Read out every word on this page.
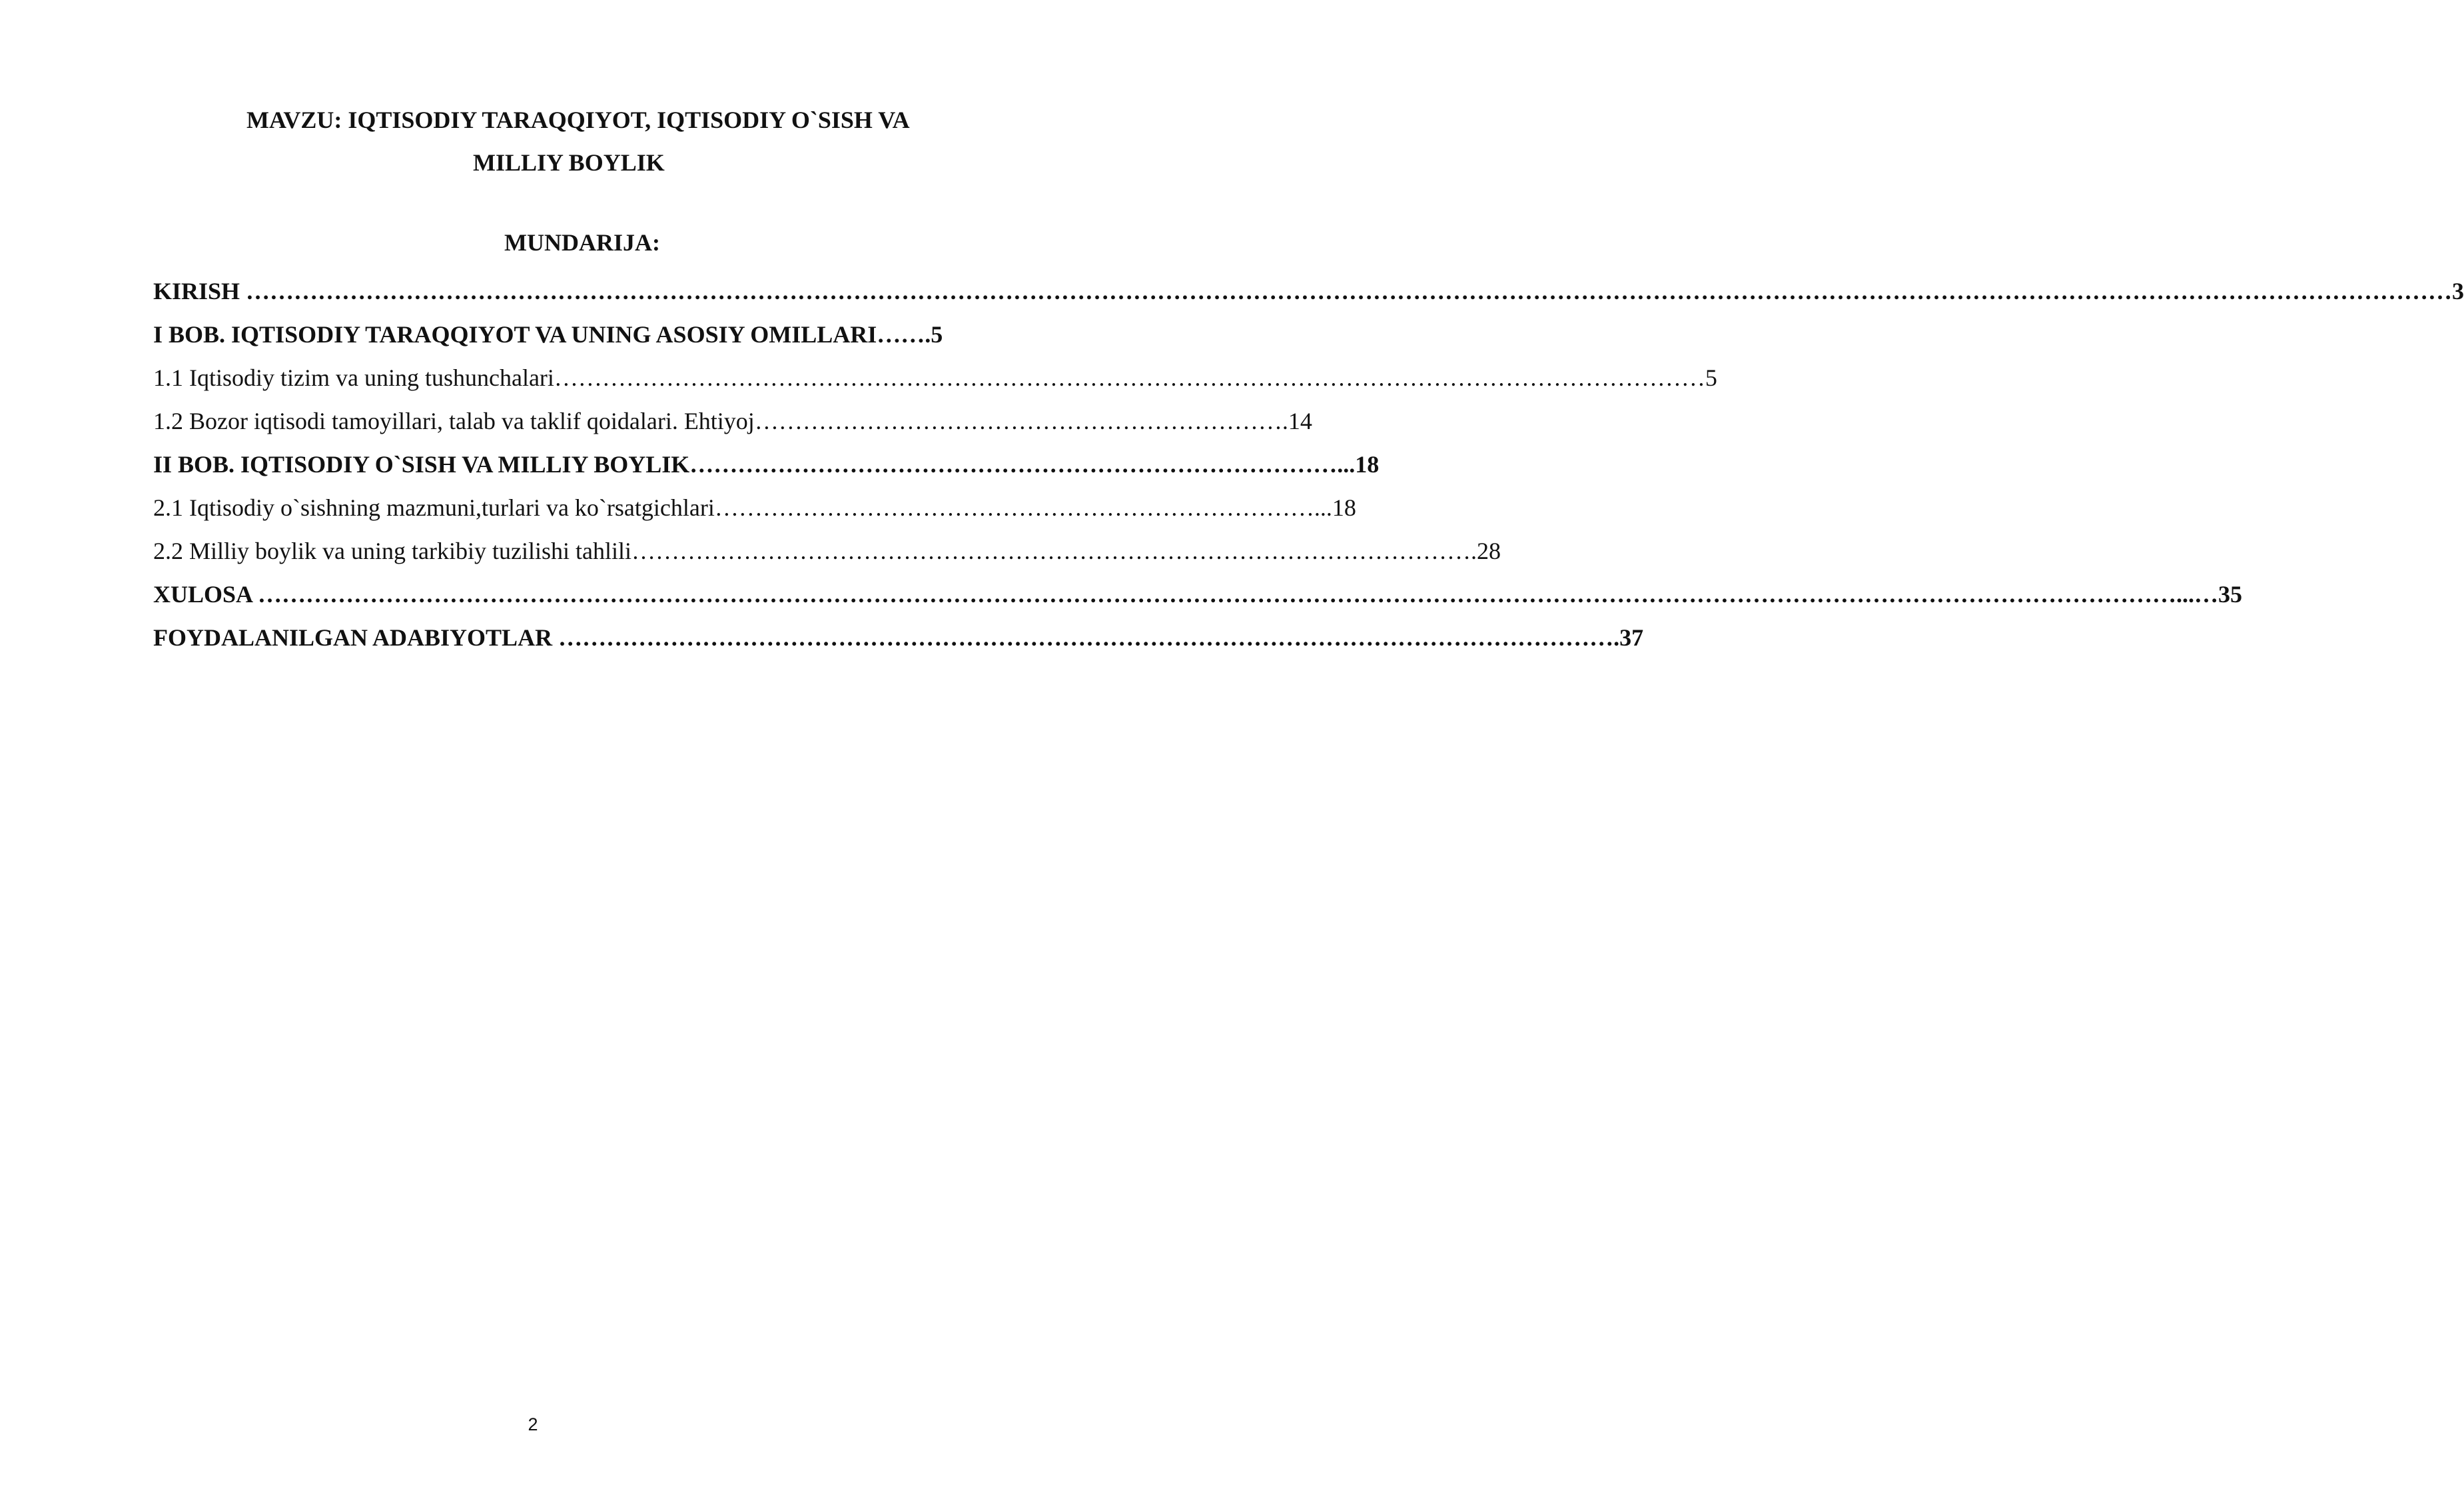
MAVZU: IQTISODIY TARAQQIYOT, IQTISODIY O`SISH VA
MILLIY BOYLIK
MUNDARIJA:
KIRISH ……………………………………………………………………………………………………………………………………………………………………………………………………………………………………………………3
I BOB. IQTISODIY TARAQQIYOT VA UNING ASOSIY OMILLARI…….5
1.1 Iqtisodiy tizim va uning tushunchalari………………………………………………………………………………………………………………………………5
1.2 Bozor iqtisodi tamoyillari, talab va taklif qoidalari. Ehtiyoj………………………………………………………….14
II BOB. IQTISODIY O`SISH VA MILLIY BOYLIK………………………………………………………………………...18
2.1 Iqtisodiy o`sishning mazmuni,turlari va ko`rsatgichlari…………………………………………………………………...18
2.2 Milliy boylik va uning tarkibiy tuzilishi tahlili…………………………………………………………………………………………….28
XULOSA ……………………………………………………………………………………………………………………………………………………………………………………………………………………...…35
FOYDALANILGAN ADABIYOTLAR …………………………………………………………………………………………………………………….37
2
